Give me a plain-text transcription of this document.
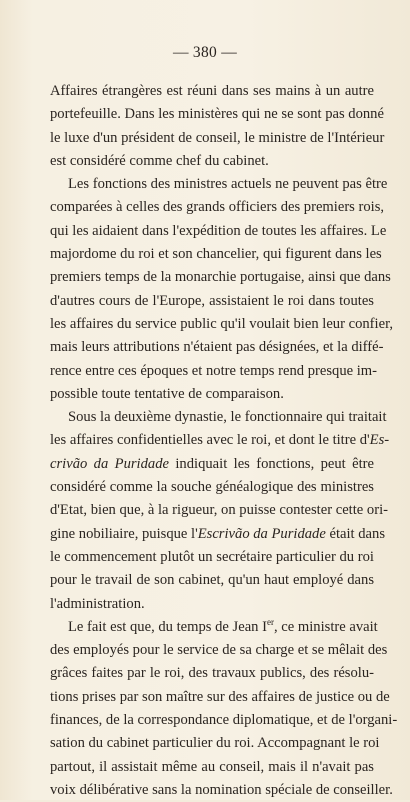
— 380 —

Affaires étrangères est réuni dans ses mains à un autre
portefeuille. Dans les ministères qui ne se sont pas donné
le luxe d'un président de conseil, le ministre de l'Intérieur
est considéré comme chef du cabinet.

Les fonctions des ministres actuels ne peuvent pas être
comparées à celles des grands officiers des premiers rois,
qui les aidaient dans l'expédition de toutes les affaires. Le
majordome du roi et son chancelier, qui figurent dans les
premiers temps de la monarchie portugaise, ainsi que dans
d'autres cours de l'Europe, assistaient le roi dans toutes
les affaires du service public qu'il voulait bien leur confier,
mais leurs attributions n'étaient pas désignées, et la diffé-
rence entre ces époques et notre temps rend presque im-
possible toute tentative de comparaison.

Sous la deuxième dynastie, le fonctionnaire qui traitait
les affaires confidentielles avec le roi, et dont le titre d'Es-
crivão da Puridade indiquait les fonctions, peut être
considéré comme la souche généalogique des ministres
d'Etat, bien que, à la rigueur, on puisse contester cette ori-
gine nobiliaire, puisque l'Escrivão da Puridade était dans
le commencement plutôt un secrétaire particulier du roi
pour le travail de son cabinet, qu'un haut employé dans
l'administration.

Le fait est que, du temps de Jean Ier, ce ministre avait
des employés pour le service de sa charge et se mêlait des
grâces faites par le roi, des travaux publics, des résolu-
tions prises par son maître sur des affaires de justice ou de
finances, de la correspondance diplomatique, et de l'organi-
sation du cabinet particulier du roi. Accompagnant le roi
partout, il assistait même au conseil, mais il n'avait pas
voix délibérative sans la nomination spéciale de conseiller.
